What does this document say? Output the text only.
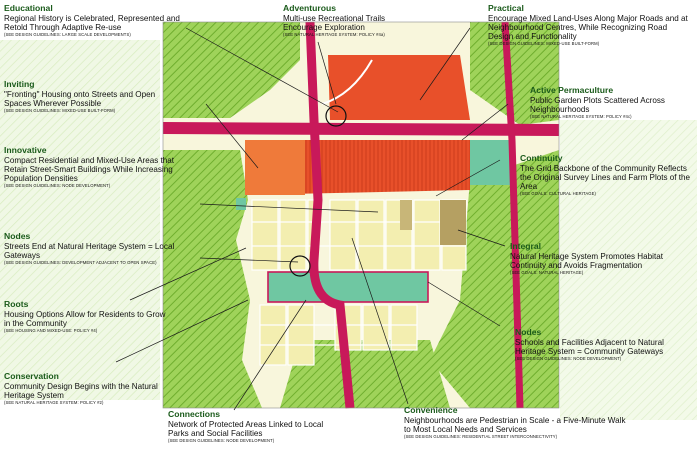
Educational
Regional History is Celebrated, Represented and Retold Through Adaptive Re-use
(SEE DESIGN GUIDELINES: LARGE SCALE DEVELOPMENTS)
Adventurous
Multi-use Recreational Trails Encourage Exploration
(SEE NATURAL HERITAGE SYSTEM: POLICY #4a)
Practical
Encourage Mixed Land-Uses Along Major Roads and at Neighbourhood Centres, While Recognizing Road Design and Functionality
(SEE DESIGN GUIDELINES: MIXED-USE BUILT-FORM)
Inviting
"Fronting" Housing onto Streets and Open Spaces Wherever Possible
(SEE DESIGN GUIDELINES: MIXED-USE BUILT-FORM)
Active Permaculture
Public Garden Plots Scattered Across Neighbourhoods
(SEE NATURAL HERITAGE SYSTEM: POLICY #4c)
Innovative
Compact Residential and Mixed-Use Areas that Retain Street-Smart Buildings While Increasing Population Densities
(SEE DESIGN GUIDELINES: NODE DEVELOPMENT)
Continuity
The Grid Backbone of the Community Reflects the Original Survey Lines and Farm Plots of the Area
(SEE GOALS: CULTURAL HERITAGE)
Nodes
Streets End at Natural Heritage System = Local Gateways
(SEE DESIGN GUIDELINES: DEVELOPMENT ADJACENT TO OPEN SPACE)
Integral
Natural Heritage System Promotes Habitat Continuity and Avoids Fragmentation
(SEE GOALS: NATURAL HERITAGE)
Roots
Housing Options Allow for Residents to Grow in the Community
(SEE HOUSING AND MIXED-USE: POLICY #4)	Nodes
Schools and Facilities Adjacent to Natural Heritage System = Community Gateways
(SEE DESIGN GUIDELINES: NODE DEVELOPMENT)
Conservation
Community Design Begins with the Natural Heritage System
(SEE NATURAL HERITAGE SYSTEM: POLICY #2)
Connections
Network of Protected Areas Linked to Local Parks and Social Facilities
(SEE DESIGN GUIDELINES: NODE DEVELOPMENT)
Convenience
Neighbourhoods are Pedestrian in Scale - a Five-Minute Walk to Most Local Needs and Services
(SEE DESIGN GUIDELINES: RESIDENTIAL STREET INTERCONNECTIVITY)
